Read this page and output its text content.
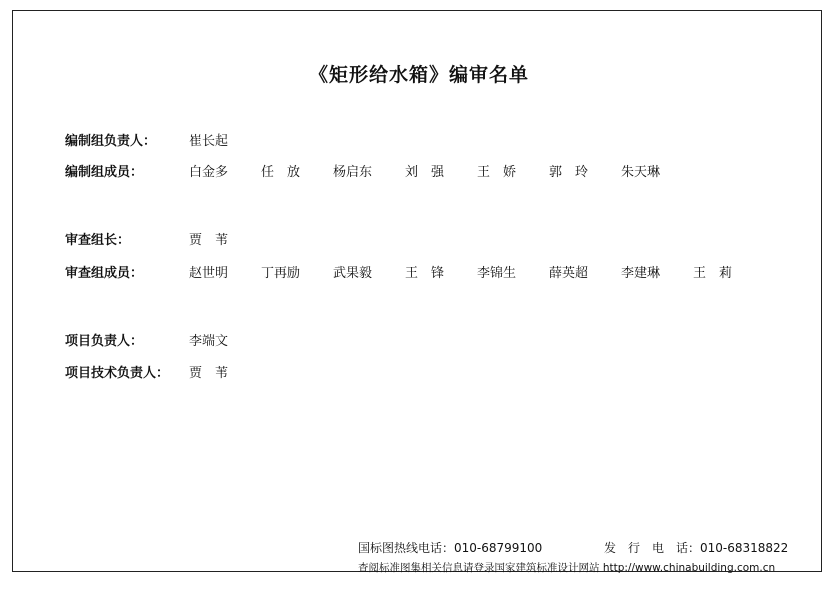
《矩形给水箱》编审名单
编制组负责人：	崔长起
编制组成员：	白金多	任　放	杨启东	刘　强	王　娇	郭　玲	朱天琳
审查组长：	贾　苇
审查组成员：	赵世明	丁再励	武果毅	王　锋	李锦生	薛英超	李建琳	王　莉
项目负责人：	李端文
项目技术负责人： 贾　苇
国标图热线电话：010-68799100	发　行　电　话：010-68318822
查阅标准图集相关信息请登录国家建筑标准设计网站 http://www.chinabuilding.com.cn
